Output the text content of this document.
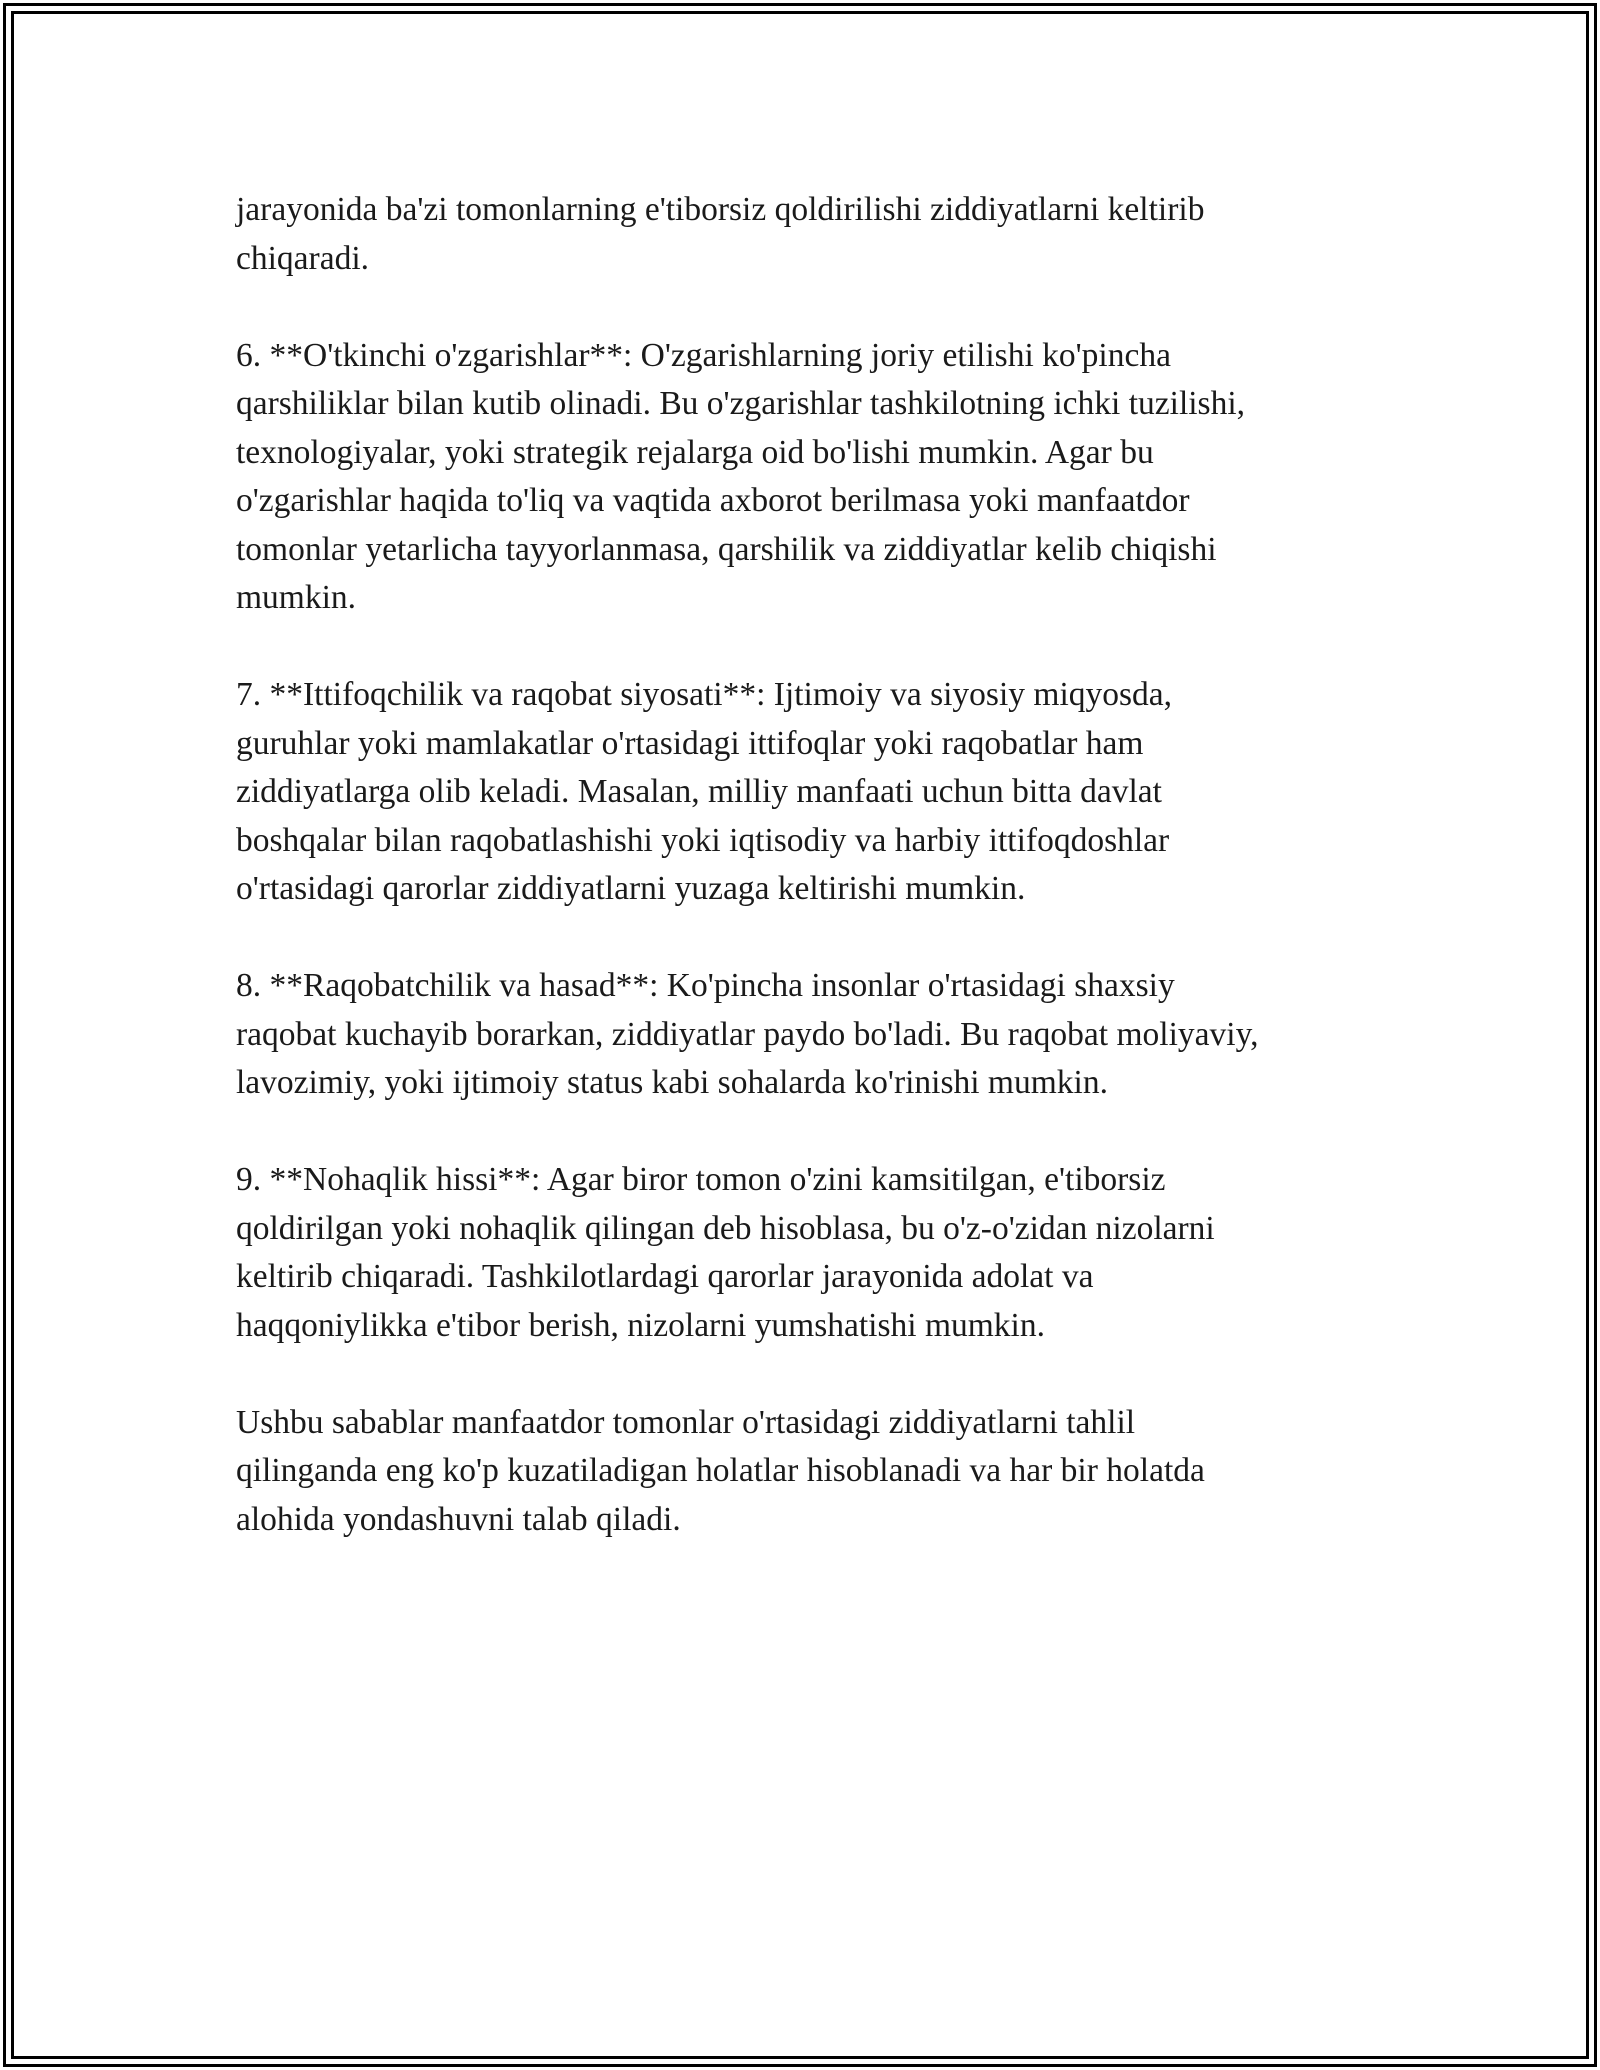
jarayonida ba'zi tomonlarning e'tiborsiz qoldirilishi ziddiyatlarni keltirib
chiqaradi.
6. **O'tkinchi o'zgarishlar**: O'zgarishlarning joriy etilishi ko'pincha
qarshiliklar bilan kutib olinadi. Bu o'zgarishlar tashkilotning ichki tuzilishi,
texnologiyalar, yoki strategik rejalarga oid bo'lishi mumkin. Agar bu
o'zgarishlar haqida to'liq va vaqtida axborot berilmasa yoki manfaatdor
tomonlar yetarlicha tayyorlanmasa, qarshilik va ziddiyatlar kelib chiqishi
mumkin.
7. **Ittifoqchilik va raqobat siyosati**: Ijtimoiy va siyosiy miqyosda,
guruhlar yoki mamlakatlar o'rtasidagi ittifoqlar yoki raqobatlar ham
ziddiyatlarga olib keladi. Masalan, milliy manfaati uchun bitta davlat
boshqalar bilan raqobatlashishi yoki iqtisodiy va harbiy ittifoqdoshlar
o'rtasidagi qarorlar ziddiyatlarni yuzaga keltirishi mumkin.
8. **Raqobatchilik va hasad**: Ko'pincha insonlar o'rtasidagi shaxsiy
raqobat kuchayib borarkan, ziddiyatlar paydo bo'ladi. Bu raqobat moliyaviy,
lavozimiy, yoki ijtimoiy status kabi sohalarda ko'rinishi mumkin.
9. **Nohaqlik hissi**: Agar biror tomon o'zini kamsitilgan, e'tiborsiz
qoldirilgan yoki nohaqlik qilingan deb hisoblasa, bu o'z-o'zidan nizolarni
keltirib chiqaradi. Tashkilotlardagi qarorlar jarayonida adolat va
haqqoniylikka e'tibor berish, nizolarni yumshatishi mumkin.
Ushbu sabablar manfaatdor tomonlar o'rtasidagi ziddiyatlarni tahlil
qilinganda eng ko'p kuzatiladigan holatlar hisoblanadi va har bir holatda
alohida yondashuvni talab qiladi.
